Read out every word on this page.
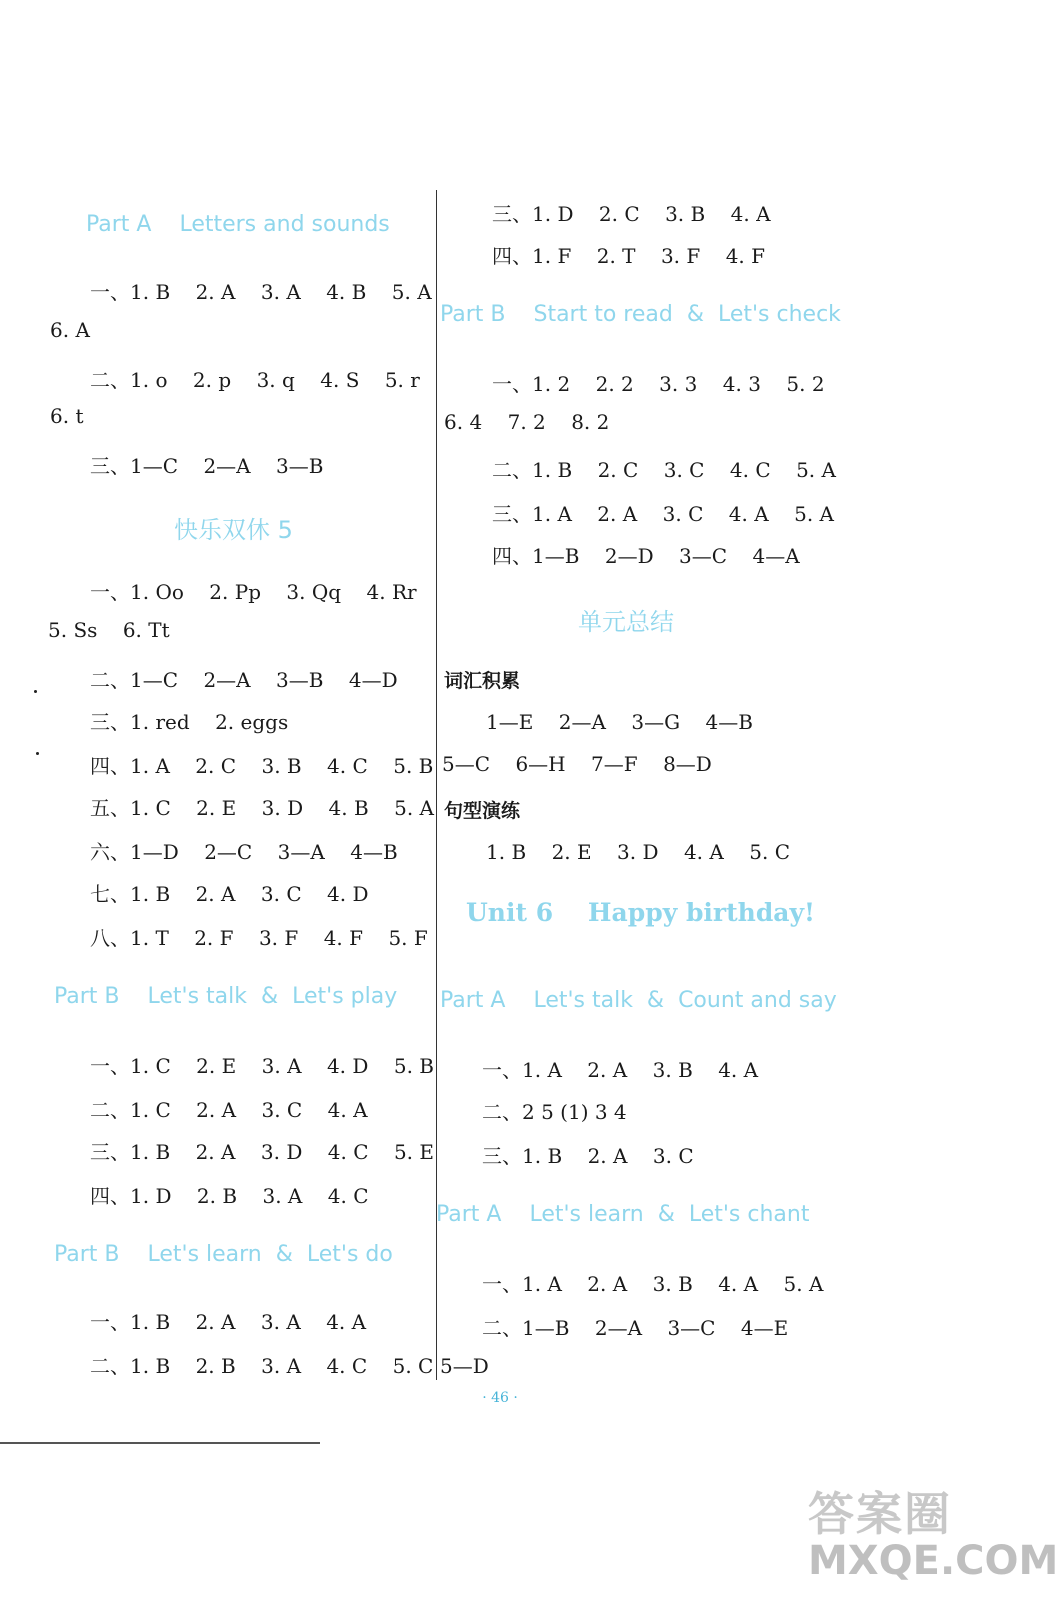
Part A    Letters and sounds
一、1. B    2. A    3. A    4. B    5. A
6. A
二、1. o    2. p    3. q    4. S    5. r
6. t
三、1—C    2—A    3—B
快乐双休 5
一、1. Oo    2. Pp    3. Qq    4. Rr
5. Ss    6. Tt
二、1—C    2—A    3—B    4—D
三、1. red    2. eggs
四、1. A    2. C    3. B    4. C    5. B
五、1. C    2. E    3. D    4. B    5. A
六、1—D    2—C    3—A    4—B
七、1. B    2. A    3. C    4. D
八、1. T    2. F    3. F    4. F    5. F
Part B    Let's talk  &  Let's play
一、1. C    2. E    3. A    4. D    5. B
二、1. C    2. A    3. C    4. A
三、1. B    2. A    3. D    4. C    5. E
四、1. D    2. B    3. A    4. C
Part B    Let's learn  &  Let's do
一、1. B    2. A    3. A    4. A
二、1. B    2. B    3. A    4. C    5. C
三、1. D    2. C    3. B    4. A
四、1. F    2. T    3. F    4. F
Part B    Start to read  &  Let's check
一、1. 2    2. 2    3. 3    4. 3    5. 2
6. 4    7. 2    8. 2
二、1. B    2. C    3. C    4. C    5. A
三、1. A    2. A    3. C    4. A    5. A
四、1—B    2—D    3—C    4—A
单元总结
词汇积累
1—E    2—A    3—G    4—B
5—C    6—H    7—F    8—D
句型演练
1. B    2. E    3. D    4. A    5. C
Unit 6    Happy birthday!
Part A    Let's talk  &  Count and say
一、1. A    2. A    3. B    4. A
二、2 5 (1) 3 4
三、1. B    2. A    3. C
Part A    Let's learn  &  Let's chant
一、1. A    2. A    3. B    4. A    5. A
二、1—B    2—A    3—C    4—E
5—D
· 46 ·
答案圈
MXQE.COM
